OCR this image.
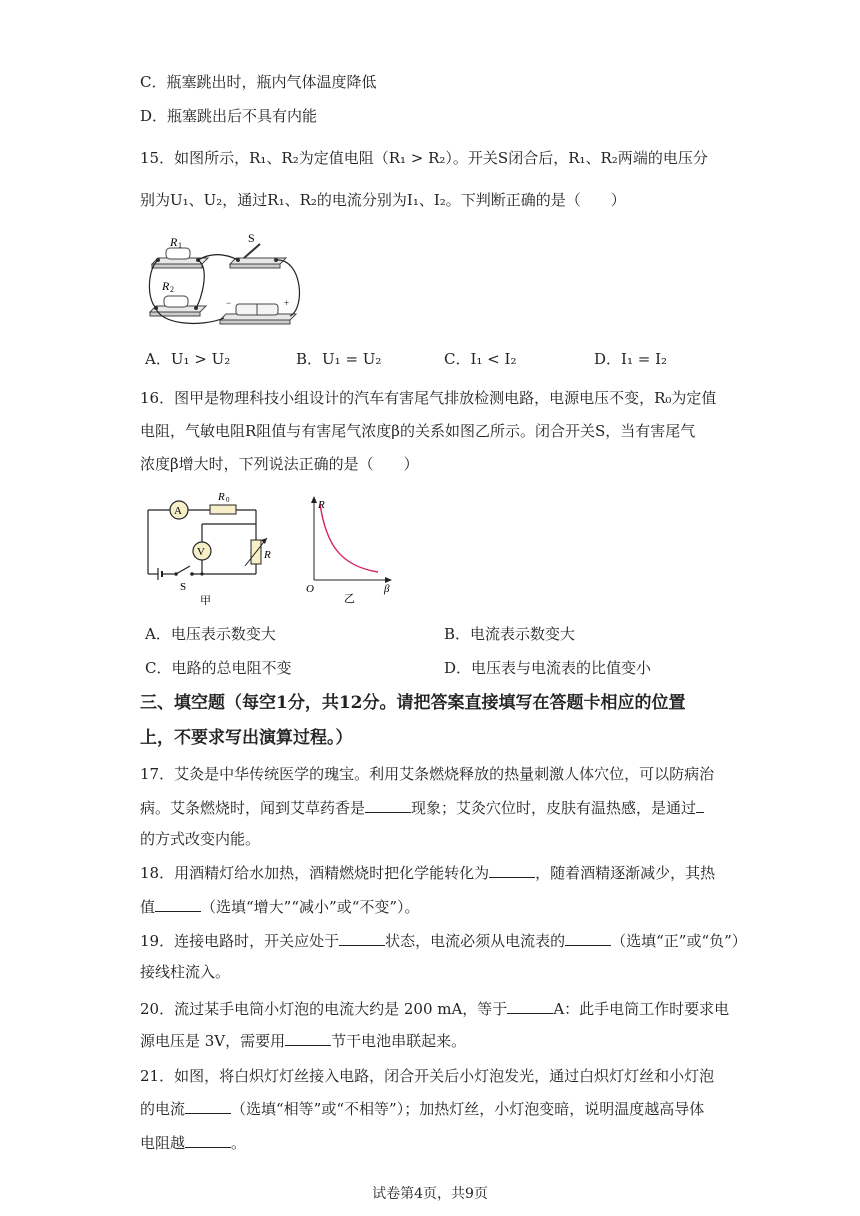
C．瓶塞跳出时，瓶内气体温度降低
D．瓶塞跳出后不具有内能
15．如图所示，R₁、R₂为定值电阻（R₁ > R₂）。开关S闭合后，R₁、R₂两端的电压分
别为U₁、U₂，通过R₁、R₂的电流分别为I₁、I₂。下判断正确的是（　　）
R 1
S
R 2
−	+
A．U₁ > U₂	B．U₁ = U₂	C．I₁ < I₂	D．I₁ = I₂
16．图甲是物理科技小组设计的汽车有害尾气排放检测电路，电源电压不变，R₀为定值
电阻，气敏电阻R阻值与有害尾气浓度β的关系如图乙所示。闭合开关S，当有害尾气
浓度β增大时，下列说法正确的是（　　）
A
R 0
V	R
S
甲
R
β
O
乙
A．电压表示数变大	B．电流表示数变大
C．电路的总电阻不变	D．电压表与电流表的比值变小
三、填空题（每空1分，共12分。请把答案直接填写在答题卡相应的位置
上，不要求写出演算过程。）
17．艾灸是中华传统医学的瑰宝。利用艾条燃烧释放的热量刺激人体穴位，可以防病治
病。艾条燃烧时，闻到艾草药香是	现象；艾灸穴位时，皮肤有温热感，是通过
的方式改变内能。
18．用酒精灯给水加热，酒精燃烧时把化学能转化为	，随着酒精逐渐减少，其热
值	（选填“增大”“减小”或“不变”）。
19．连接电路时，开关应处于	状态，电流必须从电流表的	（选填“正”或“负”）
接线柱流入。
20．流过某手电筒小灯泡的电流大约是 200 mA，等于	A：此手电筒工作时要求电
源电压是 3V，需要用	节干电池串联起来。
21．如图，将白炽灯灯丝接入电路，闭合开关后小灯泡发光，通过白炽灯灯丝和小灯泡
的电流	（选填“相等”或“不相等”）；加热灯丝，小灯泡变暗，说明温度越高导体
电阻越	。
试卷第4页，共9页
